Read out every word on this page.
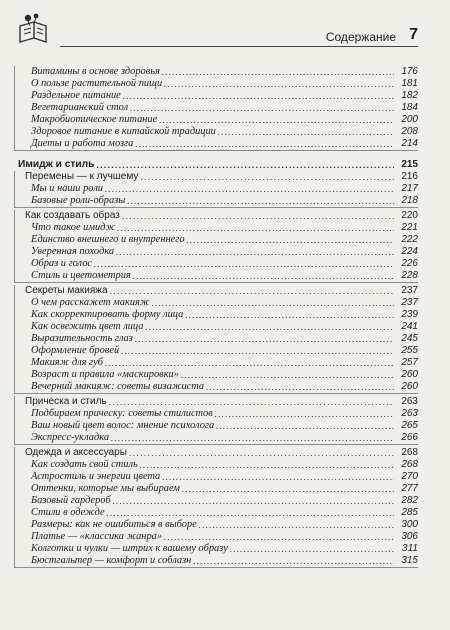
Содержание 7
Витамины в основе здоровья .....	176
О пользе растительной пищи .....	181
Раздельное питание .....	182
Вегетарианский стол .....	184
Макробиотическое питание .....	200
Здоровое питание в китайской традиции .....	208
Диеты и работа мозга .....	214
Имидж и стиль .....	215
Перемены — к лучшему .....	216
Мы и наши роли .....	217
Базовые роли-образы .....	218
Как создавать образ .....	220
Что такое имидж .....	221
Единство внешнего и внутреннего .....	222
Уверенная походка .....	224
Образ и голос .....	226
Стиль и цветометрия .....	228
Секреты макияжа .....	237
О чем расскажет макияж .....	237
Как скорректировать форму лица .....	239
Как освежить цвет лица .....	241
Выразительность глаз .....	245
Оформление бровей .....	255
Макияж для губ .....	257
Возраст и правила «маскировки» .....	260
Вечерний макияж: советы визажиста .....	260
Прическа и стиль .....	263
Подбираем прическу: советы стилистов .....	263
Ваш новый цвет волос: мнение психолога .....	265
Экспресс-укладка .....	266
Одежда и аксессуары .....	268
Как создать свой стиль .....	268
Астростиль и энергии цвета .....	270
Оттенки, которые мы выбираем .....	277
Базовый гардероб .....	282
Стили в одежде .....	285
Размеры: как не ошибиться в выборе .....	300
Платье — «классика жанра» .....	306
Колготки и чулки — штрих к вашему образу .....	311
Бюстгальтер — комфорт и соблазн .....	315
